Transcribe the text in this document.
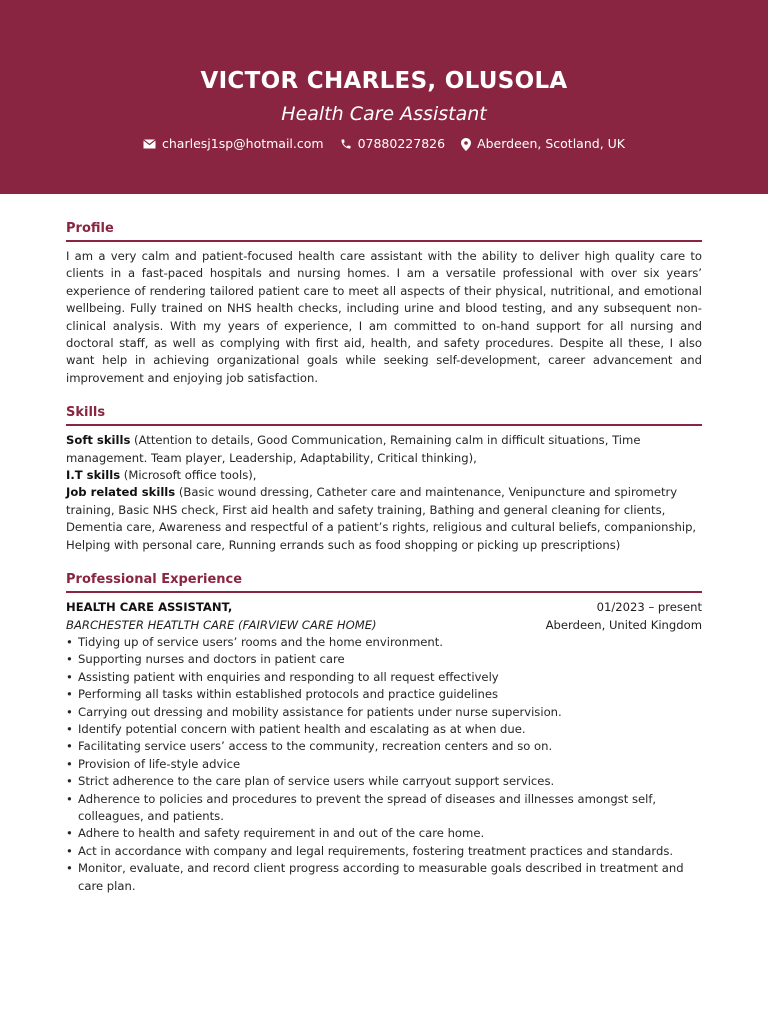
VICTOR CHARLES, OLUSOLA
Health Care Assistant
charlesj1sp@hotmail.com	07880227826	Aberdeen, Scotland, UK
Profile

I am a very calm and patient-focused health care assistant with the ability to deliver high quality care to clients in a fast-paced hospitals and nursing homes. I am a versatile professional with over six years’ experience of rendering tailored patient care to meet all aspects of their physical, nutritional, and emotional wellbeing. Fully trained on NHS health checks, including urine and blood testing, and any subsequent non-clinical analysis. With my years of experience, I am committed to on-hand support for all nursing and doctoral staff, as well as complying with first aid, health, and safety procedures. Despite all these, I also want help in achieving organizational goals while seeking self-development, career advancement and improvement and enjoying job satisfaction.

Skills

Soft skills (Attention to details, Good Communication, Remaining calm in difficult situations, Time management. Team player, Leadership, Adaptability, Critical thinking),

I.T skills (Microsoft office tools),

Job related skills (Basic wound dressing, Catheter care and maintenance, Venipuncture and spirometry training, Basic NHS check, First aid health and safety training, Bathing and general cleaning for clients, Dementia care, Awareness and respectful of a patient’s rights, religious and cultural beliefs, companionship, Helping with personal care, Running errands such as food shopping or picking up prescriptions)

Professional Experience
HEALTH CARE ASSISTANT,	01/2023 – present
BARCHESTER HEATLTH CARE (FAIRVIEW CARE HOME)	Aberdeen, United Kingdom
• Tidying up of service users’ rooms and the home environment.
• Supporting nurses and doctors in patient care
• Assisting patient with enquiries and responding to all request effectively
• Performing all tasks within established protocols and practice guidelines
• Carrying out dressing and mobility assistance for patients under nurse supervision.
• Identify potential concern with patient health and escalating as at when due.
• Facilitating service users’ access to the community, recreation centers and so on.
• Provision of life-style advice
• Strict adherence to the care plan of service users while carryout support services.
• Adherence to policies and procedures to prevent the spread of diseases and illnesses amongst self, colleagues, and patients.
• Adhere to health and safety requirement in and out of the care home.
• Act in accordance with company and legal requirements, fostering treatment practices and standards.
• Monitor, evaluate, and record client progress according to measurable goals described in treatment and care plan.
